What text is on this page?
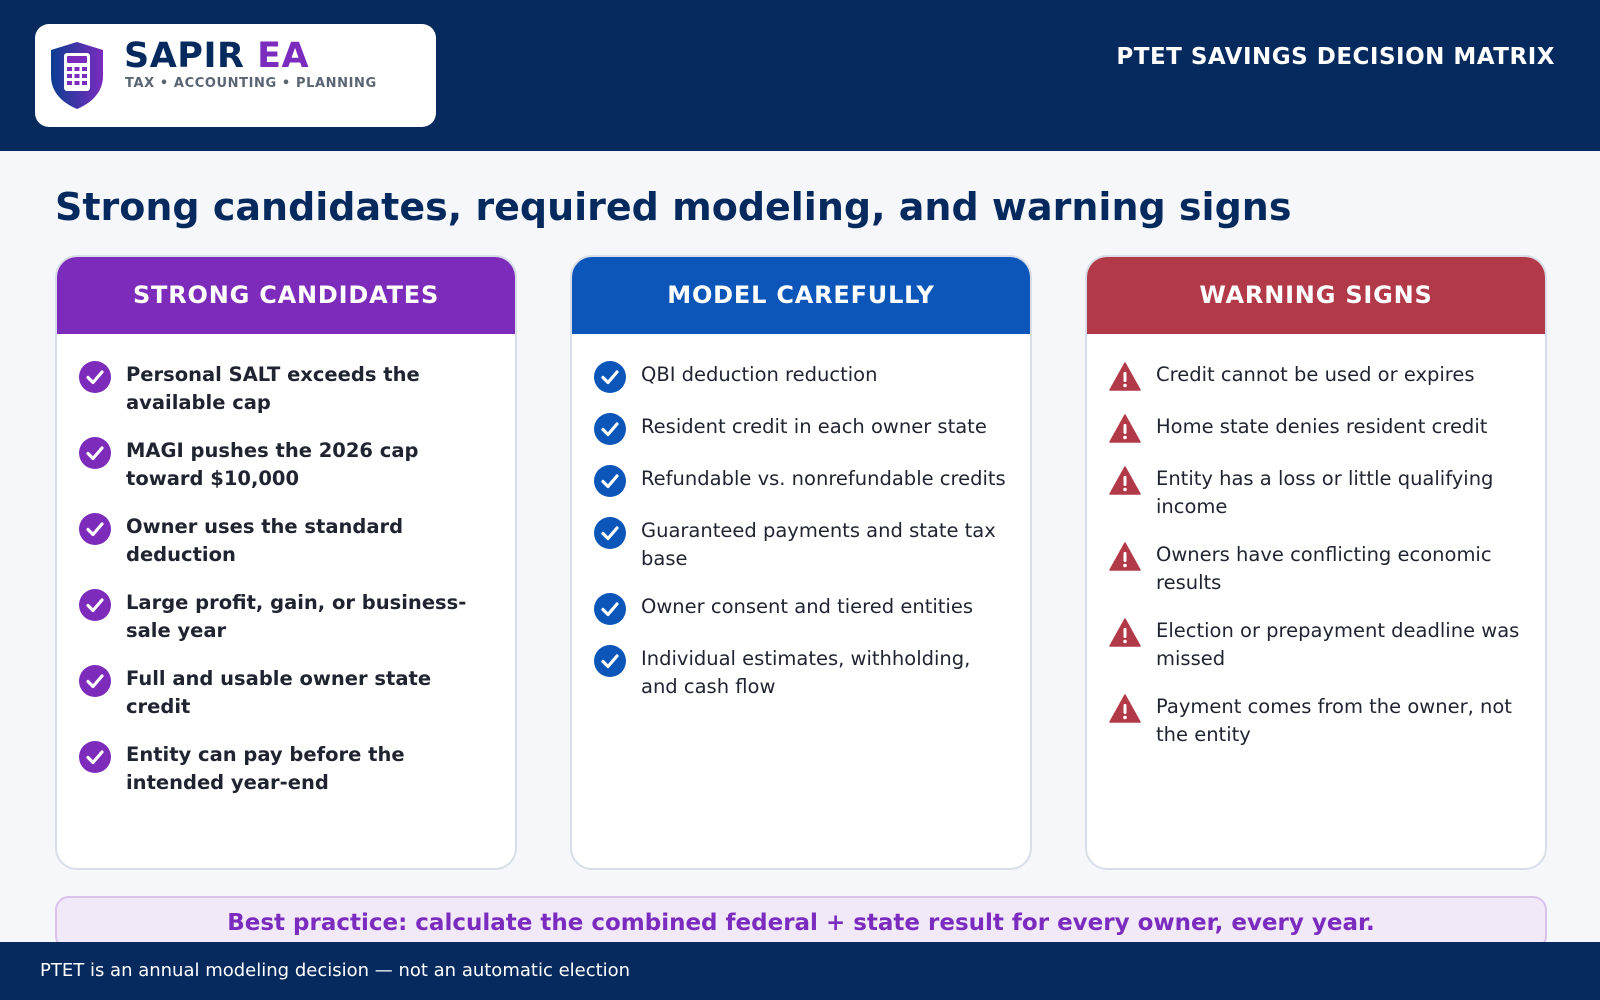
SAPIR EA
TAX • ACCOUNTING • PLANNING
PTET SAVINGS DECISION MATRIX
Strong candidates, required modeling, and warning signs
STRONG CANDIDATES
Personal SALT exceeds the available cap
MAGI pushes the 2026 cap toward $10,000
Owner uses the standard deduction
Large profit, gain, or business-sale year
Full and usable owner state credit
Entity can pay before the intended year-end
MODEL CAREFULLY
QBI deduction reduction
Resident credit in each owner state
Refundable vs. nonrefundable credits
Guaranteed payments and state tax base
Owner consent and tiered entities
Individual estimates, withholding, and cash flow
WARNING SIGNS
Credit cannot be used or expires
Home state denies resident credit
Entity has a loss or little qualifying income
Owners have conflicting economic results
Election or prepayment deadline was missed
Payment comes from the owner, not the entity
Best practice: calculate the combined federal + state result for every owner, every year.
PTET is an annual modeling decision — not an automatic election
